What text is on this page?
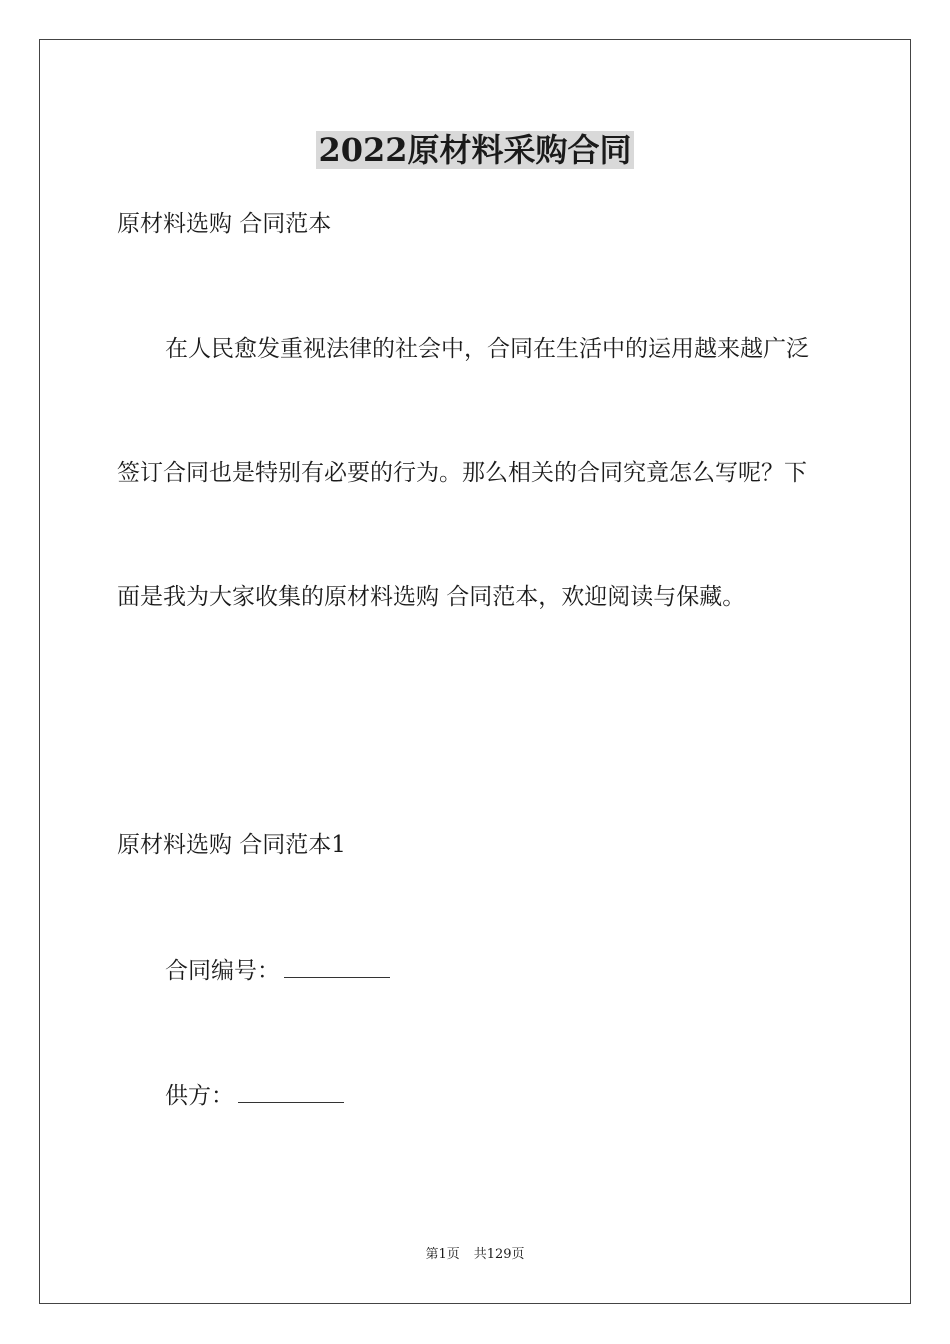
2022原材料采购合同
原材料选购 合同范本
在人民愈发重视法律的社会中，合同在生活中的运用越来越广泛
签订合同也是特别有必要的行为。那么相关的合同究竟怎么写呢？下
面是我为大家收集的原材料选购 合同范本，欢迎阅读与保藏。
原材料选购 合同范本1
合同编号：
供方：
第1页 共129页
